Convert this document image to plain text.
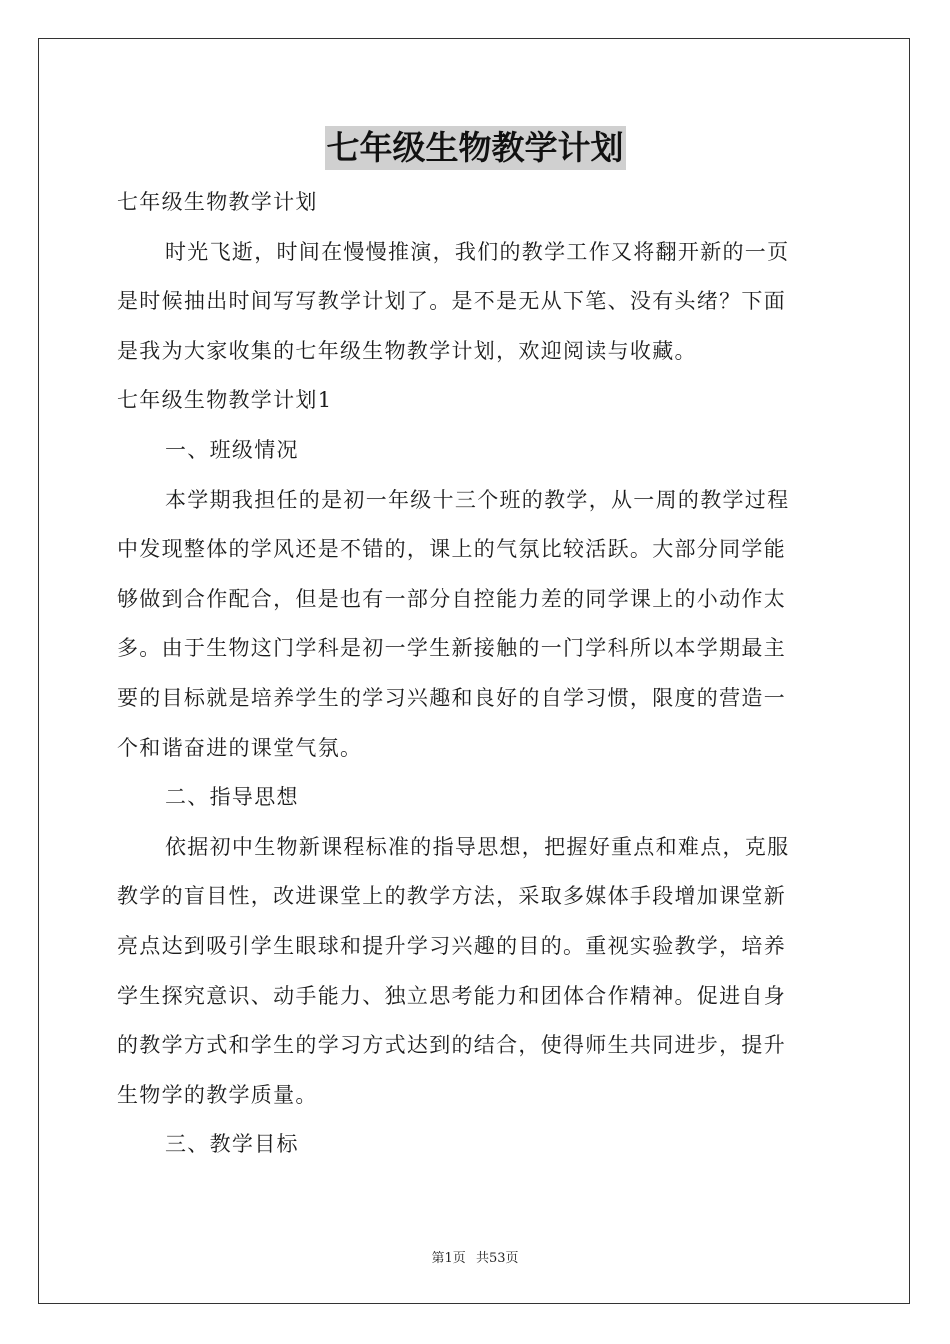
七年级生物教学计划
七年级生物教学计划
时光飞逝，时间在慢慢推演，我们的教学工作又将翻开新的一页
是时候抽出时间写写教学计划了。是不是无从下笔、没有头绪？下面
是我为大家收集的七年级生物教学计划，欢迎阅读与收藏。
七年级生物教学计划1
一、班级情况
本学期我担任的是初一年级十三个班的教学，从一周的教学过程
中发现整体的学风还是不错的，课上的气氛比较活跃。大部分同学能
够做到合作配合，但是也有一部分自控能力差的同学课上的小动作太
多。由于生物这门学科是初一学生新接触的一门学科所以本学期最主
要的目标就是培养学生的学习兴趣和良好的自学习惯，限度的营造一
个和谐奋进的课堂气氛。
二、指导思想
依据初中生物新课程标准的指导思想，把握好重点和难点，克服
教学的盲目性，改进课堂上的教学方法，采取多媒体手段增加课堂新
亮点达到吸引学生眼球和提升学习兴趣的目的。重视实验教学，培养
学生探究意识、动手能力、独立思考能力和团体合作精神。促进自身
的教学方式和学生的学习方式达到的结合，使得师生共同进步，提升
生物学的教学质量。
三、教学目标
第1页 共53页
